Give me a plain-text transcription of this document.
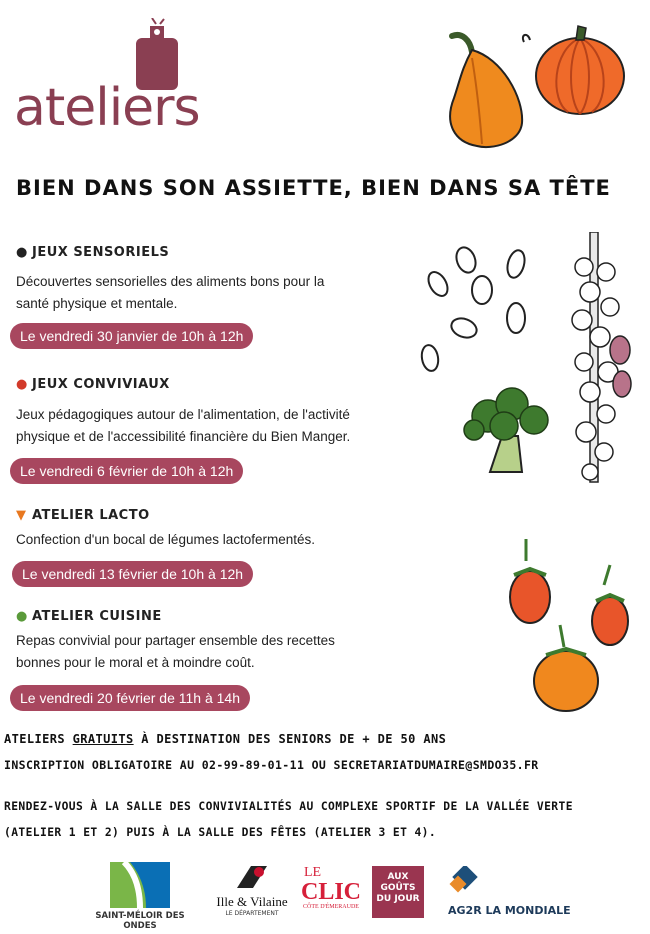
ateliers
BIEN DANS SON ASSIETTE, BIEN DANS SA TÊTE
● JEUX SENSORIELS
Découvertes sensorielles des aliments bons pour la
santé physique et mentale.
Le vendredi 30 janvier de 10h à 12h
● JEUX CONVIVIAUX
Jeux pédagogiques autour de l'alimentation, de l'activité
physique et de l'accessibilité financière du Bien Manger.
Le vendredi 6 février de 10h à 12h
▼ ATELIER LACTO
Confection d'un bocal de légumes lactofermentés.
Le vendredi 13 février de 10h à 12h
● ATELIER CUISINE
Repas convivial pour partager ensemble des recettes
bonnes pour le moral et à moindre coût.
Le vendredi 20 février de 11h à 14h
ATELIERS GRATUITS À DESTINATION DES SENIORS DE + DE 50 ANS
INSCRIPTION OBLIGATOIRE AU 02-99-89-01-11 OU SECRETARIATDUMAIRE@SMDO35.FR
RENDEZ-VOUS À LA SALLE DES CONVIVIALITÉS AU COMPLEXE SPORTIF DE LA VALLÉE VERTE
(ATELIER 1 ET 2) PUIS À LA SALLE DES FÊTES (ATELIER 3 ET 4).
SAINT-MÉLOIR DES ONDES
Ille & Vilaine
LE DÉPARTEMENT
LE
CLIC
CÔTE D'ÉMERAUDE
AUX GOÛTS DU JOUR
AG2R LA MONDIALE
